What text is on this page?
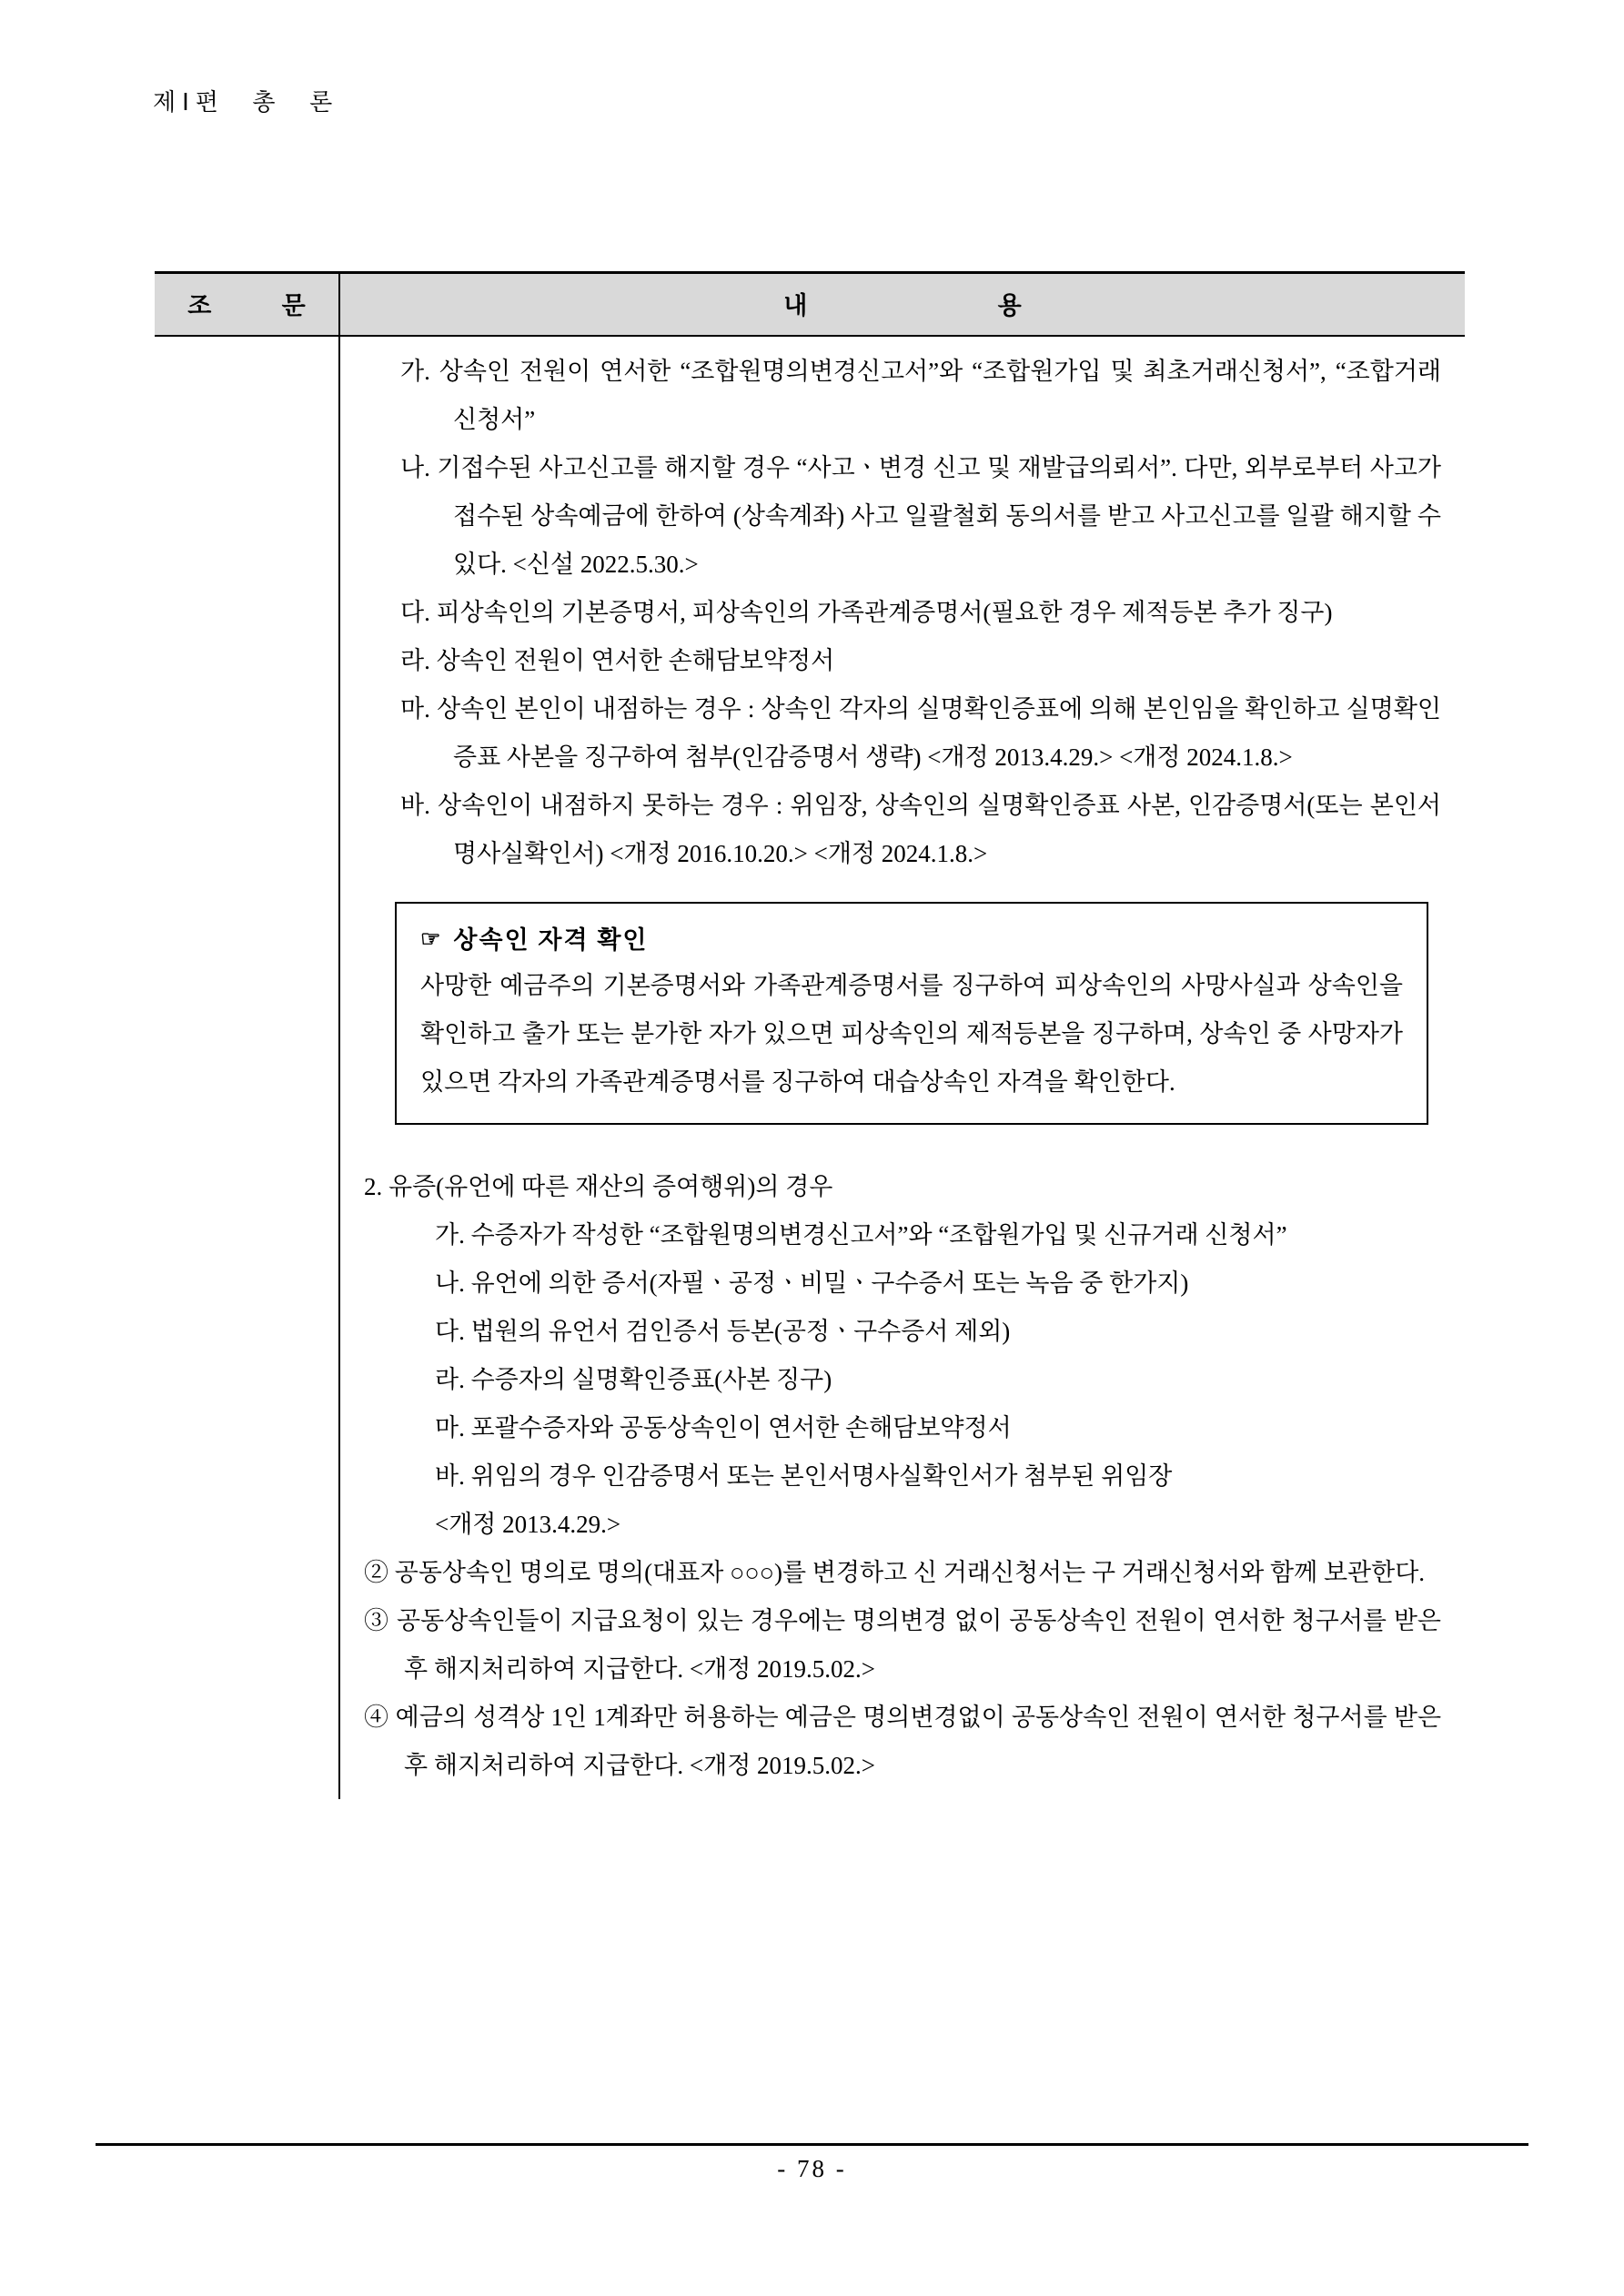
제I편  총  론
조 문	내 용

가. 상속인 전원이 연서한 “조합원명의변경신고서”와 “조합원가입 및 최초거래신청서”, “조합거래신청서”

나. 기접수된 사고신고를 해지할 경우 “사고ㆍ변경 신고 및 재발급의뢰서”. 다만, 외부로부터 사고가 접수된 상속예금에 한하여 (상속계좌) 사고 일괄철회 동의서를 받고 사고신고를 일괄 해지할 수 있다. <신설 2022.5.30.>

다. 피상속인의 기본증명서, 피상속인의 가족관계증명서(필요한 경우 제적등본 추가 징구)

라. 상속인 전원이 연서한 손해담보약정서

마. 상속인 본인이 내점하는 경우 : 상속인 각자의 실명확인증표에 의해 본인임을 확인하고 실명확인증표 사본을 징구하여 첨부(인감증명서 생략) <개정 2013.4.29.> <개정 2024.1.8.>

바. 상속인이 내점하지 못하는 경우 : 위임장, 상속인의 실명확인증표 사본, 인감증명서(또는 본인서명사실확인서) <개정 2016.10.20.> <개정 2024.1.8.>

☞ 상속인 자격 확인
사망한 예금주의 기본증명서와 가족관계증명서를 징구하여 피상속인의 사망사실과 상속인을 확인하고 출가 또는 분가한 자가 있으면 피상속인의 제적등본을 징구하며, 상속인 중 사망자가 있으면 각자의 가족관계증명서를 징구하여 대습상속인 자격을 확인한다.

2. 유증(유언에 따른 재산의 증여행위)의 경우

가. 수증자가 작성한 “조합원명의변경신고서”와 “조합원가입 및 신규거래 신청서”

나. 유언에 의한 증서(자필ㆍ공정ㆍ비밀ㆍ구수증서 또는 녹음 중 한가지)

다. 법원의 유언서 검인증서 등본(공정ㆍ구수증서 제외)

라. 수증자의 실명확인증표(사본 징구)

마. 포괄수증자와 공동상속인이 연서한 손해담보약정서

바. 위임의 경우 인감증명서 또는 본인서명사실확인서가 첨부된 위임장

<개정 2013.4.29.>

② 공동상속인 명의로 명의(대표자 ○○○)를 변경하고 신 거래신청서는 구 거래신청서와 함께 보관한다.

③ 공동상속인들이 지급요청이 있는 경우에는 명의변경 없이 공동상속인 전원이 연서한 청구서를 받은 후 해지처리하여 지급한다. <개정 2019.5.02.>

④ 예금의 성격상 1인 1계좌만 허용하는 예금은 명의변경없이 공동상속인 전원이 연서한 청구서를 받은 후 해지처리하여 지급한다. <개정 2019.5.02.>

- 78 -
